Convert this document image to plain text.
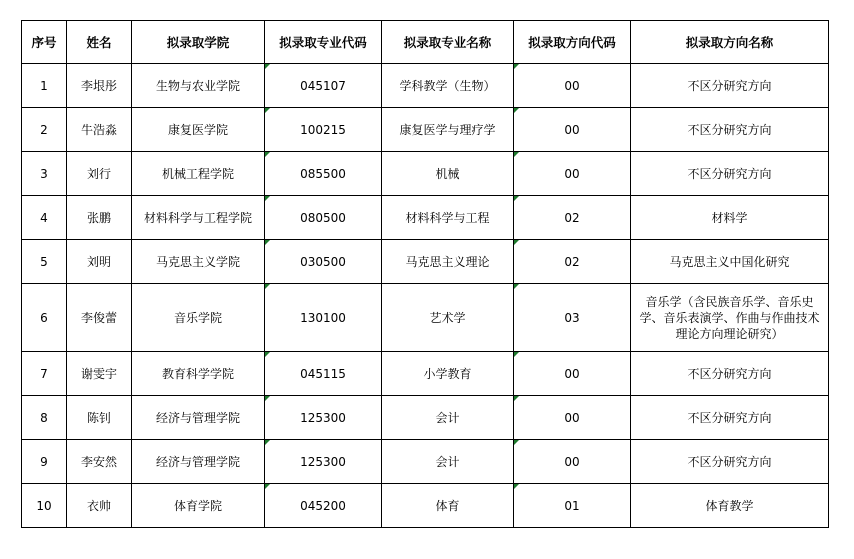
序号	姓名	拟录取学院	拟录取专业代码	拟录取专业名称	拟录取方向代码	拟录取方向名称
1	李垠彤	生物与农业学院	045107	学科教学（生物）	00	不区分研究方向
2	牛浩淼	康复医学院	100215	康复医学与理疗学	00	不区分研究方向
3	刘行	机械工程学院	085500	机械	00	不区分研究方向
4	张鹏	材料科学与工程学院	080500	材料科学与工程	02	材料学
5	刘明	马克思主义学院	030500	马克思主义理论	02	马克思主义中国化研究
6	李俊蕾	音乐学院	130100	艺术学	03	音乐学（含民族音乐学、音乐史学、音乐表演学、作曲与作曲技术理论方向理论研究）
7	谢雯宇	教育科学学院	045115	小学教育	00	不区分研究方向
8	陈钊	经济与管理学院	125300	会计	00	不区分研究方向
9	李安然	经济与管理学院	125300	会计	00	不区分研究方向
10	衣帅	体育学院	045200	体育	01	体育教学
